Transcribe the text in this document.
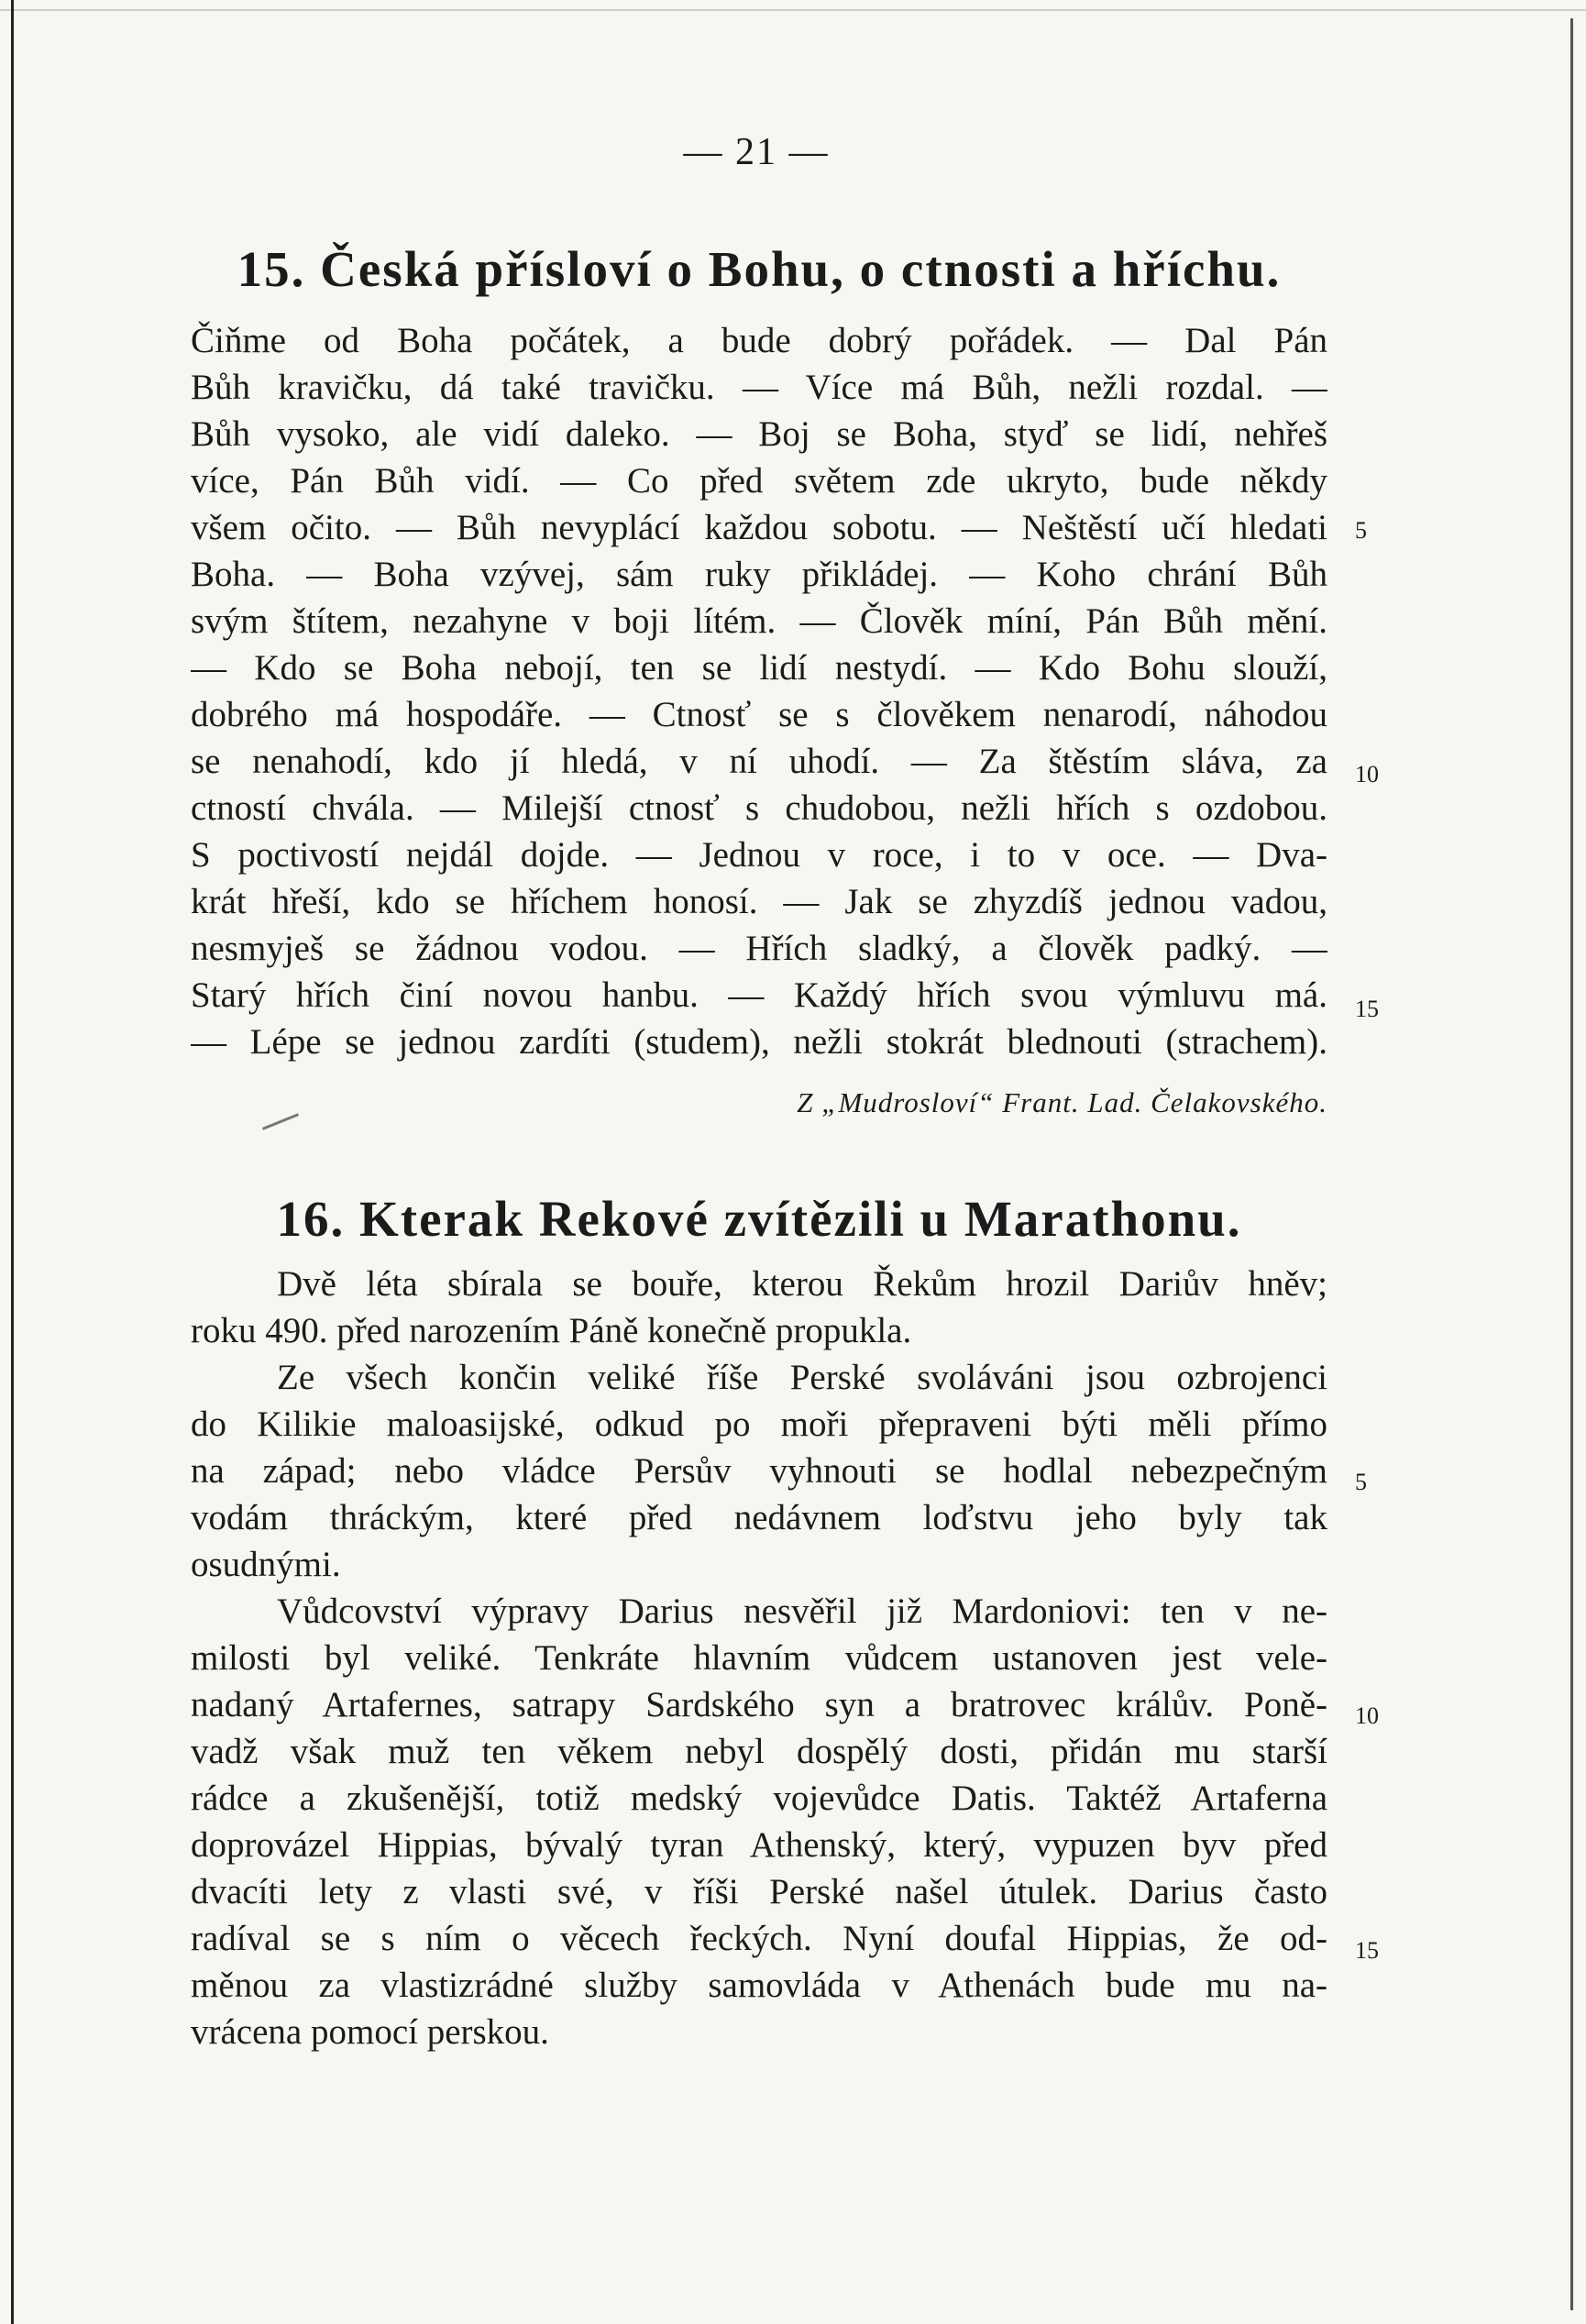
— 21 —
15. Česká přísloví o Bohu, o ctnosti a hříchu.
Čiňme od Boha počátek, a bude dobrý pořádek. — Dal Pán
Bůh kravičku, dá také travičku. — Více má Bůh, nežli rozdal. —
Bůh vysoko, ale vidí daleko. — Boj se Boha, styď se lidí, nehřeš
více, Pán Bůh vidí. — Co před světem zde ukryto, bude někdy
všem očito. — Bůh nevyplácí každou sobotu. — Neštěstí učí hledati
Boha. — Boha vzývej, sám ruky přikládej. — Koho chrání Bůh
svým štítem, nezahyne v boji lítém. — Člověk míní, Pán Bůh mění.
— Kdo se Boha nebojí, ten se lidí nestydí. — Kdo Bohu slouží,
dobrého má hospodáře. — Ctnosť se s člověkem nenarodí, náhodou
se nenahodí, kdo jí hledá, v ní uhodí. — Za štěstím sláva, za
ctností chvála. — Milejší ctnosť s chudobou, nežli hřích s ozdobou.
S poctivostí nejdál dojde. — Jednou v roce, i to v oce. — Dva-
krát hřeší, kdo se hříchem honosí. — Jak se zhyzdíš jednou vadou,
nesmyješ se žádnou vodou. — Hřích sladký, a člověk padký. —
Starý hřích činí novou hanbu. — Každý hřích svou výmluvu má.
— Lépe se jednou zardíti (studem), nežli stokrát blednouti (strachem).
5
10
15
Z „Mudrosloví“ Frant. Lad. Čelakovského.
16. Kterak Rekové zvítězili u Marathonu.
Dvě léta sbírala se bouře, kterou Řekům hrozil Dariův hněv;
roku 490. před narozením Páně konečně propukla.
Ze všech končin veliké říše Perské svoláváni jsou ozbrojenci
do Kilikie maloasijské, odkud po moři přepraveni býti měli přímo
na západ; nebo vládce Persův vyhnouti se hodlal nebezpečným
vodám thráckým, které před nedávnem loďstvu jeho byly tak
osudnými.
Vůdcovství výpravy Darius nesvěřil již Mardoniovi: ten v ne-
milosti byl veliké. Tenkráte hlavním vůdcem ustanoven jest vele-
nadaný Artafernes, satrapy Sardského syn a bratrovec králův. Poně-
vadž však muž ten věkem nebyl dospělý dosti, přidán mu starší
rádce a zkušenější, totiž medský vojevůdce Datis. Taktéž Artaferna
doprovázel Hippias, bývalý tyran Athenský, který, vypuzen byv před
dvacíti lety z vlasti své, v říši Perské našel útulek. Darius často
radíval se s ním o věcech řeckých. Nyní doufal Hippias, že od-
měnou za vlastizrádné služby samovláda v Athenách bude mu na-
vrácena pomocí perskou.
5
10
15
